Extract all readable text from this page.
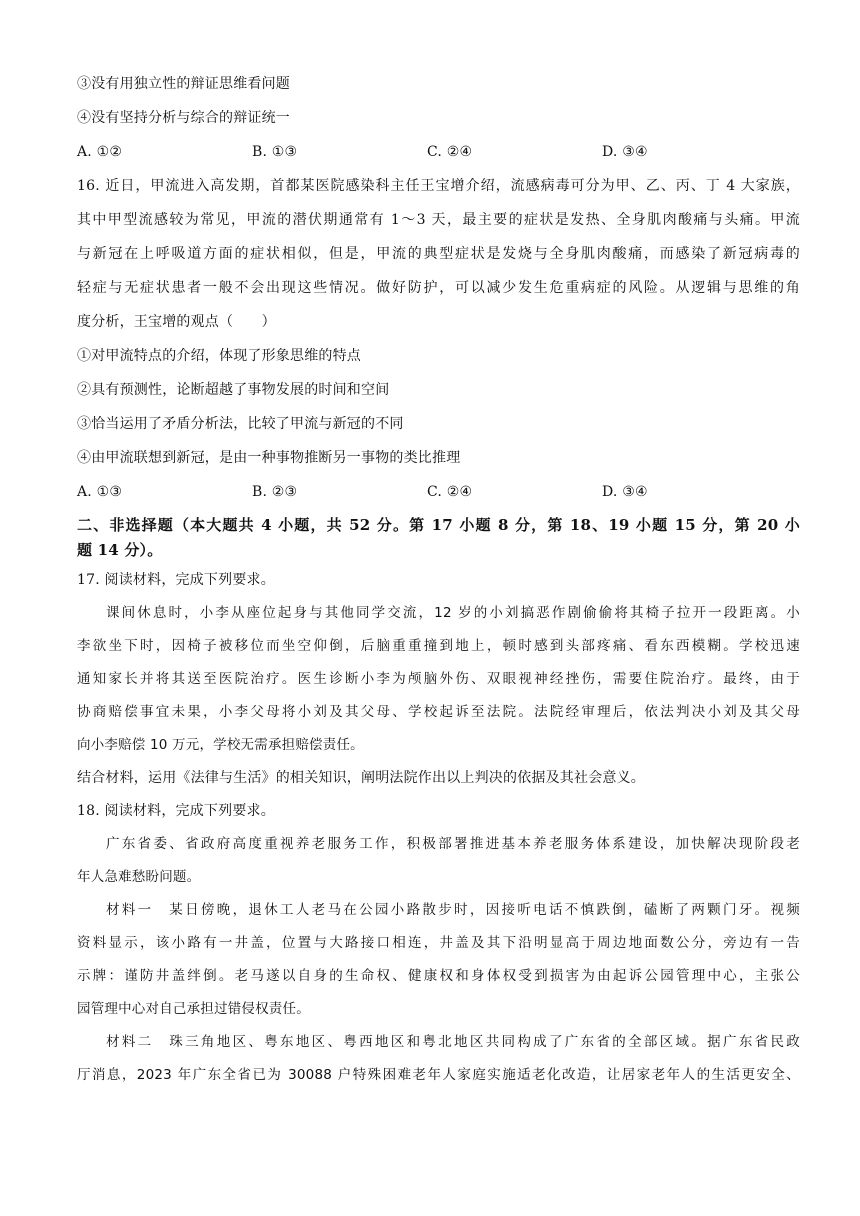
③没有用独立性的辩证思维看问题
④没有坚持分析与综合的辩证统一
A. ①②	B. ①③	C. ②④	D. ③④
16. 近日，甲流进入高发期，首都某医院感染科主任王宝增介绍，流感病毒可分为甲、乙、丙、丁 4 大家族，
其中甲型流感较为常见，甲流的潜伏期通常有 1～3 天，最主要的症状是发热、全身肌肉酸痛与头痛。甲流
与新冠在上呼吸道方面的症状相似，但是，甲流的典型症状是发烧与全身肌肉酸痛，而感染了新冠病毒的
轻症与无症状患者一般不会出现这些情况。做好防护，可以减少发生危重病症的风险。从逻辑与思维的角
度分析，王宝增的观点（　　）
①对甲流特点的介绍，体现了形象思维的特点
②具有预测性，论断超越了事物发展的时间和空间
③恰当运用了矛盾分析法，比较了甲流与新冠的不同
④由甲流联想到新冠，是由一种事物推断另一事物的类比推理
A. ①③	B. ②③	C. ②④	D. ③④
二、非选择题（本大题共 4 小题，共 52 分。第 17 小题 8 分，第 18、19 小题 15 分，第 20 小
题 14 分）。
17. 阅读材料，完成下列要求。
课间休息时，小李从座位起身与其他同学交流，12 岁的小刘搞恶作剧偷偷将其椅子拉开一段距离。小
李欲坐下时，因椅子被移位而坐空仰倒，后脑重重撞到地上，顿时感到头部疼痛、看东西模糊。学校迅速
通知家长并将其送至医院治疗。医生诊断小李为颅脑外伤、双眼视神经挫伤，需要住院治疗。最终，由于
协商赔偿事宜未果，小李父母将小刘及其父母、学校起诉至法院。法院经审理后，依法判决小刘及其父母
向小李赔偿 10 万元，学校无需承担赔偿责任。
结合材料，运用《法律与生活》的相关知识，阐明法院作出以上判决的依据及其社会意义。
18. 阅读材料，完成下列要求。
广东省委、省政府高度重视养老服务工作，积极部署推进基本养老服务体系建设，加快解决现阶段老
年人急难愁盼问题。
材料一　某日傍晚，退休工人老马在公园小路散步时，因接听电话不慎跌倒，磕断了两颗门牙。视频
资料显示，该小路有一井盖，位置与大路接口相连，井盖及其下沿明显高于周边地面数公分，旁边有一告
示牌：谨防井盖绊倒。老马遂以自身的生命权、健康权和身体权受到损害为由起诉公园管理中心，主张公
园管理中心对自己承担过错侵权责任。
材料二　珠三角地区、粤东地区、粤西地区和粤北地区共同构成了广东省的全部区域。据广东省民政
厅消息，2023 年广东全省已为 30088 户特殊困难老年人家庭实施适老化改造，让居家老年人的生活更安全、
